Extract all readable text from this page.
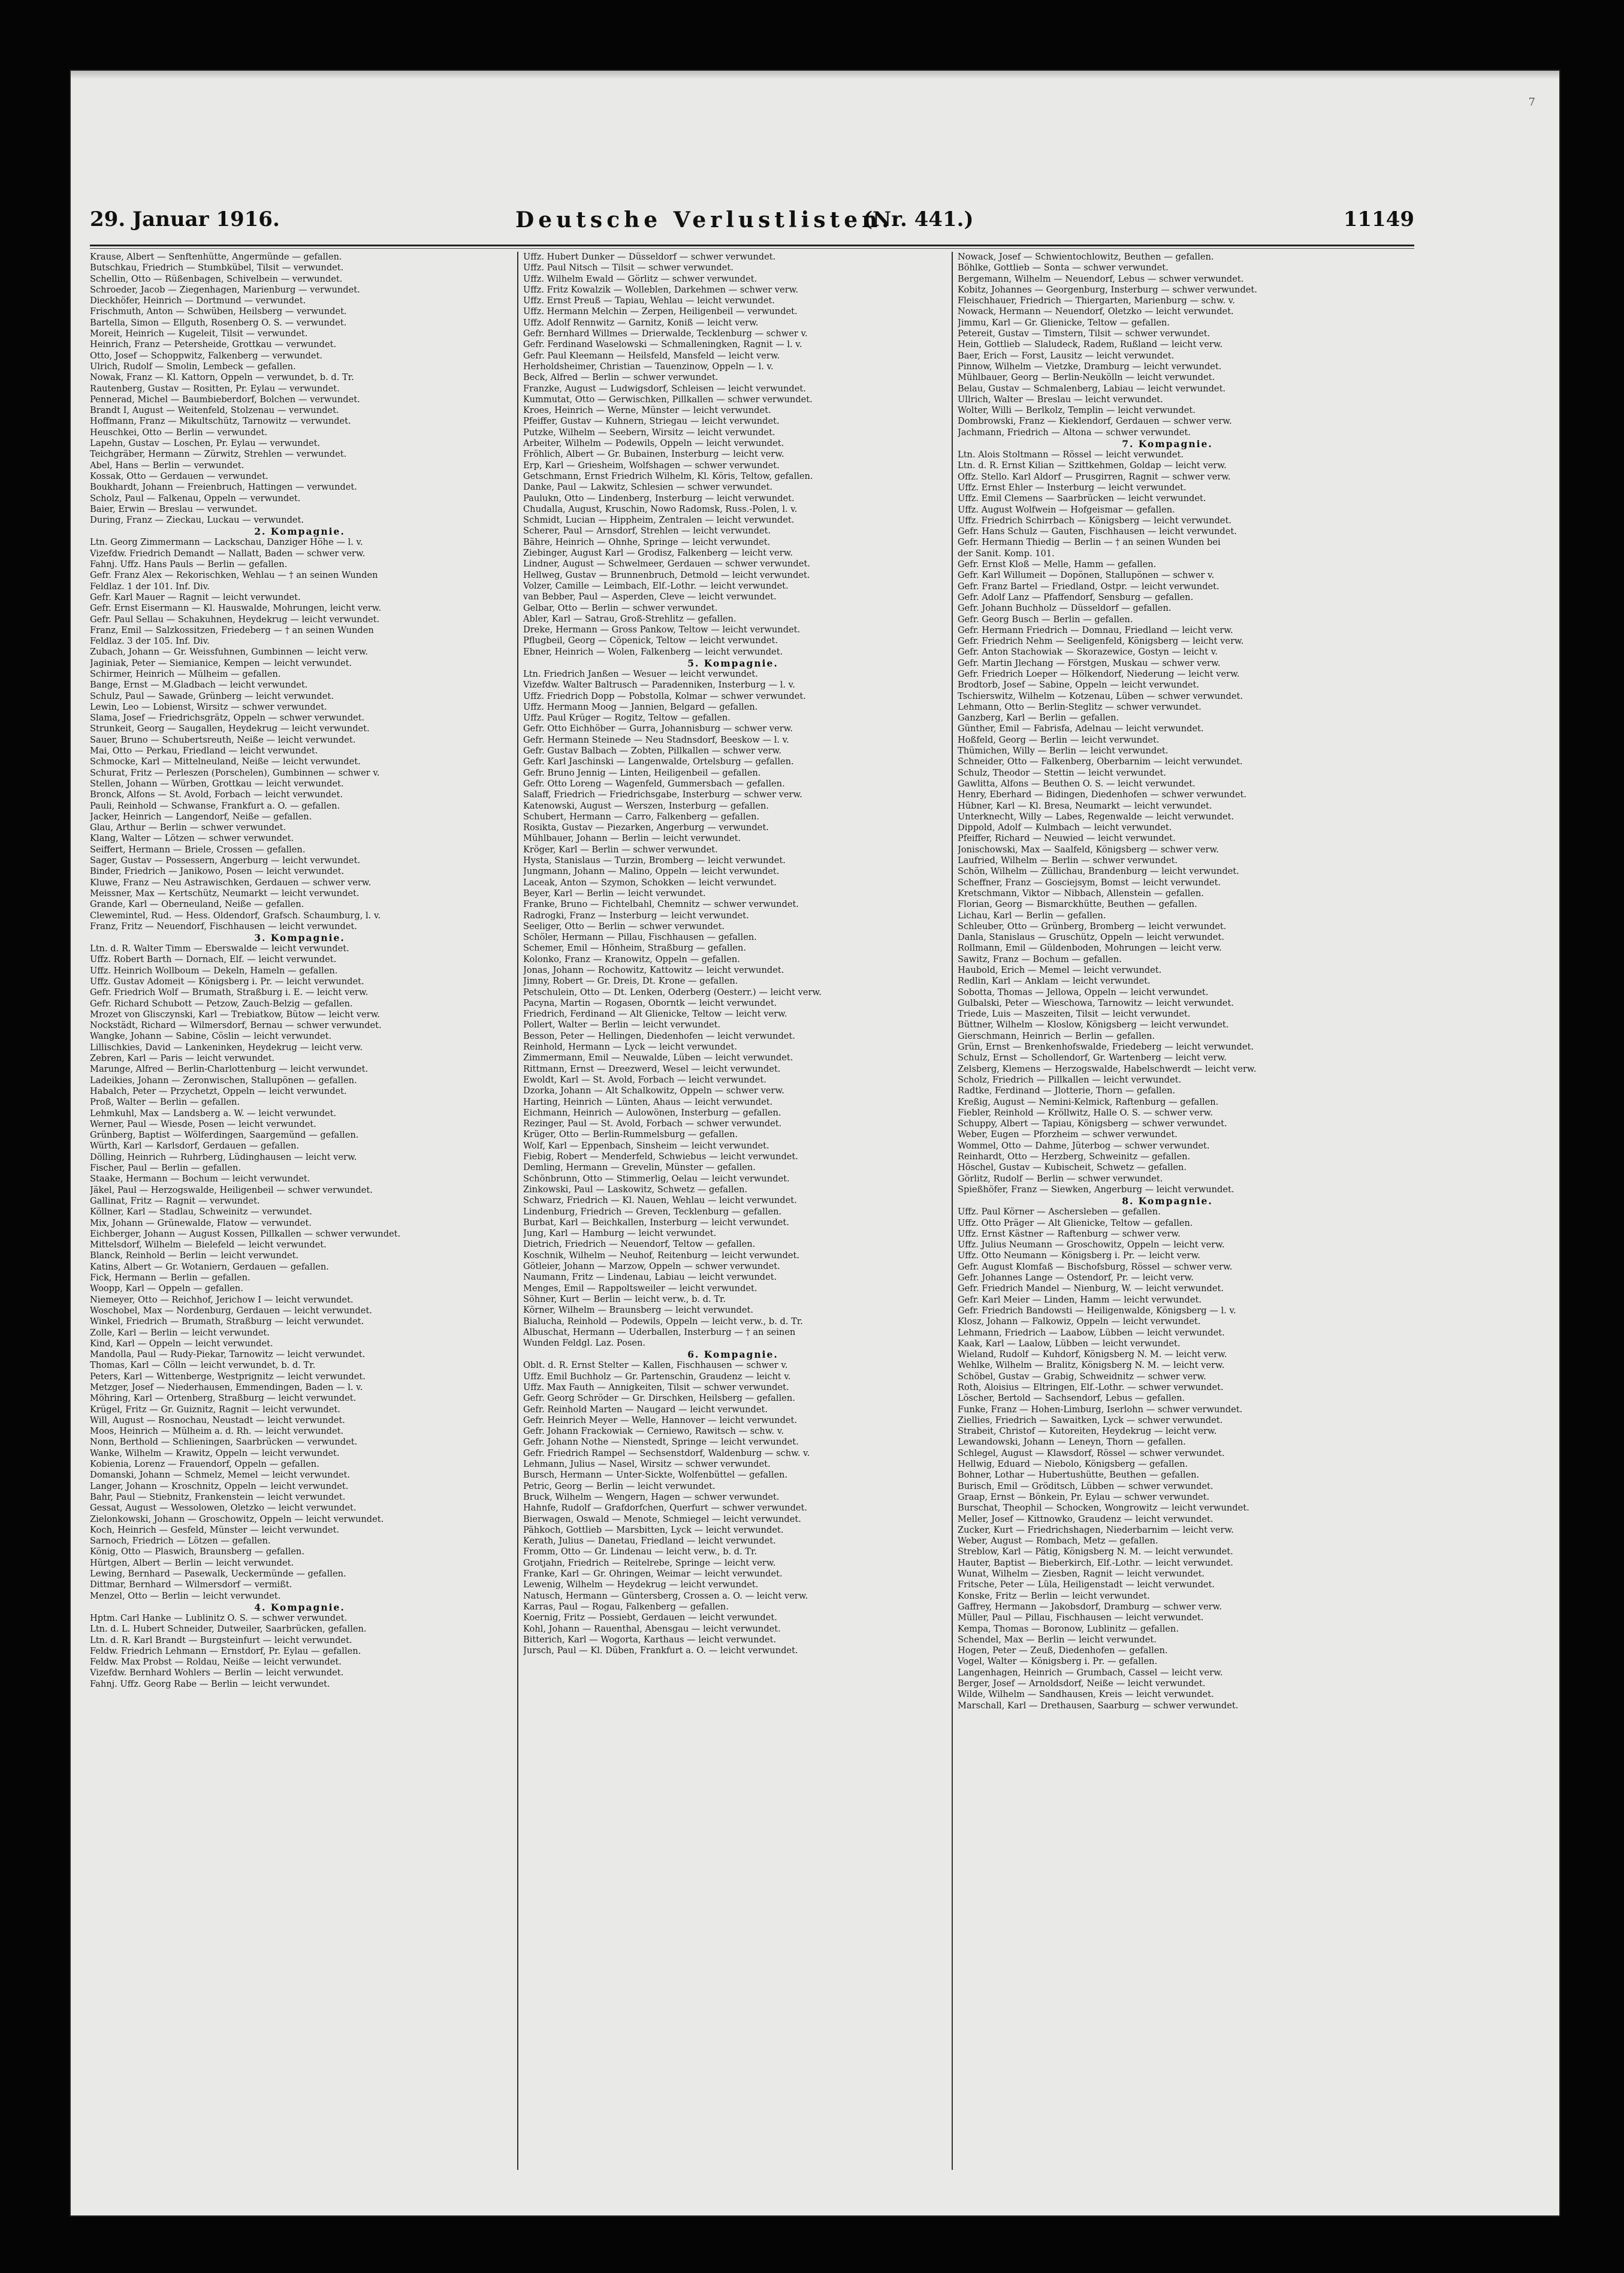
7
29. Januar 1916.	Deutsche Verlustlisten.
(Nr. 441.)	11149
Krause, Albert — Senftenhütte, Angermünde — gefallen.
Butschkau, Friedrich — Stumbkübel, Tilsit — verwundet.
Schellin, Otto — Rüßenbagen, Schivelbein — verwundet.
Schroeder, Jacob — Ziegenhagen, Marienburg — verwundet.
Dieckhöfer, Heinrich — Dortmund — verwundet.
Frischmuth, Anton — Schwüben, Heilsberg — verwundet.
Bartella, Simon — Ellguth, Rosenberg O. S. — verwundet.
Moreit, Heinrich — Kugeleit, Tilsit — verwundet.
Heinrich, Franz — Petersheide, Grottkau — verwundet.
Otto, Josef — Schoppwitz, Falkenberg — verwundet.
Ulrich, Rudolf — Smolin, Lembeck — gefallen.
Nowak, Franz — Kl. Kattorn, Oppeln — verwundet, b. d. Tr.
Rautenberg, Gustav — Rositten, Pr. Eylau — verwundet.
Pennerad, Michel — Baumbieberdorf, Bolchen — verwundet.
Brandt I, August — Weitenfeld, Stolzenau — verwundet.
Hoffmann, Franz — Mikultschütz, Tarnowitz — verwundet.
Heuschkei, Otto — Berlin — verwundet.
Lapehn, Gustav — Loschen, Pr. Eylau — verwundet.
Teichgräber, Hermann — Zürwitz, Strehlen — verwundet.
Abel, Hans — Berlin — verwundet.
Kossak, Otto — Gerdauen — verwundet.
Boukhardt, Johann — Freienbruch, Hattingen — verwundet.
Scholz, Paul — Falkenau, Oppeln — verwundet.
Baier, Erwin — Breslau — verwundet.
During, Franz — Zieckau, Luckau — verwundet.
2. Kompagnie.
Ltn. Georg Zimmermann — Lackschau, Danziger Höhe — l. v.
Vizefdw. Friedrich Demandt — Nallatt, Baden — schwer verw.
Fahnj. Uffz. Hans Pauls — Berlin — gefallen.
Gefr. Franz Alex — Rekorischken, Wehlau — † an seinen Wunden
Feldlaz. 1 der 101. Inf. Div.
Gefr. Karl Mauer — Ragnit — leicht verwundet.
Gefr. Ernst Eisermann — Kl. Hauswalde, Mohrungen, leicht verw.
Gefr. Paul Sellau — Schakuhnen, Heydekrug — leicht verwundet.
Franz, Emil — Salzkossitzen, Friedeberg — † an seinen Wunden
Feldlaz. 3 der 105. Inf. Div.
Zubach, Johann — Gr. Weissfuhnen, Gumbinnen — leicht verw.
Jaginiak, Peter — Siemianice, Kempen — leicht verwundet.
Schirmer, Heinrich — Mülheim — gefallen.
Bange, Ernst — M.Gladbach — leicht verwundet.
Schulz, Paul — Sawade, Grünberg — leicht verwundet.
Lewin, Leo — Lobienst, Wirsitz — schwer verwundet.
Slama, Josef — Friedrichsgrätz, Oppeln — schwer verwundet.
Strunkeit, Georg — Saugallen, Heydekrug — leicht verwundet.
Sauer, Bruno — Schubertsreuth, Neiße — leicht verwundet.
Mai, Otto — Perkau, Friedland — leicht verwundet.
Schmocke, Karl — Mittelneuland, Neiße — leicht verwundet.
Schurat, Fritz — Perleszen (Porschelen), Gumbinnen — schwer v.
Stellen, Johann — Würben, Grottkau — leicht verwundet.
Bronck, Alfons — St. Avold, Forbach — leicht verwundet.
Pauli, Reinhold — Schwanse, Frankfurt a. O. — gefallen.
Jacker, Heinrich — Langendorf, Neiße — gefallen.
Glau, Arthur — Berlin — schwer verwundet.
Klang, Walter — Lötzen — schwer verwundet.
Seiffert, Hermann — Briele, Crossen — gefallen.
Sager, Gustav — Possessern, Angerburg — leicht verwundet.
Binder, Friedrich — Janikowo, Posen — leicht verwundet.
Kluwe, Franz — Neu Astrawischken, Gerdauen — schwer verw.
Meissner, Max — Kertschütz, Neumarkt — leicht verwundet.
Grande, Karl — Oberneuland, Neiße — gefallen.
Clewemintel, Rud. — Hess. Oldendorf, Grafsch. Schaumburg, l. v.
Franz, Fritz — Neuendorf, Fischhausen — leicht verwundet.
3. Kompagnie.
Ltn. d. R. Walter Timm — Eberswalde — leicht verwundet.
Uffz. Robert Barth — Dornach, Elf. — leicht verwundet.
Uffz. Heinrich Wollboum — Dekeln, Hameln — gefallen.
Uffz. Gustav Adomeit — Königsberg i. Pr. — leicht verwundet.
Gefr. Friedrich Wolf — Brumath, Straßburg i. E. — leicht verw.
Gefr. Richard Schubott — Petzow, Zauch-Belzig — gefallen.
Mrozet von Glisczynski, Karl — Trebiatkow, Bütow — leicht verw.
Nockstädt, Richard — Wilmersdorf, Bernau — schwer verwundet.
Wangke, Johann — Sabine, Cöslin — leicht verwundet.
Lillischkies, David — Lankeninken, Heydekrug — leicht verw.
Zebren, Karl — Paris — leicht verwundet.
Marunge, Alfred — Berlin-Charlottenburg — leicht verwundet.
Ladeikies, Johann — Zeronwischen, Stallupönen — gefallen.
Habalch, Peter — Przychetzt, Oppeln — leicht verwundet.
Proß, Walter — Berlin — gefallen.
Lehmkuhl, Max — Landsberg a. W. — leicht verwundet.
Werner, Paul — Wiesde, Posen — leicht verwundet.
Grünberg, Baptist — Wölferdingen, Saargemünd — gefallen.
Würth, Karl — Karlsdorf, Gerdauen — gefallen.
Dölling, Heinrich — Ruhrberg, Lüdinghausen — leicht verw.
Fischer, Paul — Berlin — gefallen.
Staake, Hermann — Bochum — leicht verwundet.
Jäkel, Paul — Herzogswalde, Heiligenbeil — schwer verwundet.
Gallinat, Fritz — Ragnit — verwundet.
Köllner, Karl — Stadlau, Schweinitz — verwundet.
Mix, Johann — Grünewalde, Flatow — verwundet.
Eichberger, Johann — August Kossen, Pillkallen — schwer verwundet.
Mittelsdorf, Wilhelm — Bielefeld — leicht verwundet.
Blanck, Reinhold — Berlin — leicht verwundet.
Katins, Albert — Gr. Wotaniern, Gerdauen — gefallen.
Fick, Hermann — Berlin — gefallen.
Woopp, Karl — Oppeln — gefallen.
Niemeyer, Otto — Reichhof, Jerichow I — leicht verwundet.
Woschobel, Max — Nordenburg, Gerdauen — leicht verwundet.
Winkel, Friedrich — Brumath, Straßburg — leicht verwundet.
Zolle, Karl — Berlin — leicht verwundet.
Kind, Karl — Oppeln — leicht verwundet.
Mandolla, Paul — Rudy-Piekar, Tarnowitz — leicht verwundet.
Thomas, Karl — Cölln — leicht verwundet, b. d. Tr.
Peters, Karl — Wittenberge, Westprignitz — leicht verwundet.
Metzger, Josef — Niederhausen, Emmendingen, Baden — l. v.
Möhring, Karl — Ortenberg, Straßburg — leicht verwundet.
Krügel, Fritz — Gr. Guiznitz, Ragnit — leicht verwundet.
Will, August — Rosnochau, Neustadt — leicht verwundet.
Moos, Heinrich — Mülheim a. d. Rh. — leicht verwundet.
Nonn, Berthold — Schlieningen, Saarbrücken — verwundet.
Wanke, Wilhelm — Krawitz, Oppeln — leicht verwundet.
Kobienia, Lorenz — Frauendorf, Oppeln — gefallen.
Domanski, Johann — Schmelz, Memel — leicht verwundet.
Langer, Johann — Kroschnitz, Oppeln — leicht verwundet.
Bahr, Paul — Stiebnitz, Frankenstein — leicht verwundet.
Gessat, August — Wessolowen, Oletzko — leicht verwundet.
Zielonkowski, Johann — Groschowitz, Oppeln — leicht verwundet.
Koch, Heinrich — Gesfeld, Münster — leicht verwundet.
Sarnoch, Friedrich — Lötzen — gefallen.
König, Otto — Plaswich, Braunsberg — gefallen.
Hürtgen, Albert — Berlin — leicht verwundet.
Lewing, Bernhard — Pasewalk, Ueckermünde — gefallen.
Dittmar, Bernhard — Wilmersdorf — vermißt.
Menzel, Otto — Berlin — leicht verwundet.
4. Kompagnie.
Hptm. Carl Hanke — Lublinitz O. S. — schwer verwundet.
Ltn. d. L. Hubert Schneider, Dutweiler, Saarbrücken, gefallen.
Ltn. d. R. Karl Brandt — Burgsteinfurt — leicht verwundet.
Feldw. Friedrich Lehmann — Ernstdorf, Pr. Eylau — gefallen.
Feldw. Max Probst — Roldau, Neiße — leicht verwundet.
Vizefdw. Bernhard Wohlers — Berlin — leicht verwundet.
Fahnj. Uffz. Georg Rabe — Berlin — leicht verwundet.
Uffz. Hubert Dunker — Düsseldorf — schwer verwundet.
Uffz. Paul Nitsch — Tilsit — schwer verwundet.
Uffz. Wilhelm Ewald — Görlitz — schwer verwundet.
Uffz. Fritz Kowalzik — Wolleblen, Darkehmen — schwer verw.
Uffz. Ernst Preuß — Tapiau, Wehlau — leicht verwundet.
Uffz. Hermann Melchin — Zerpen, Heiligenbeil — verwundet.
Uffz. Adolf Rennwitz — Garnitz, Koniß — leicht verw.
Gefr. Bernhard Willmes — Drierwalde, Tecklenburg — schwer v.
Gefr. Ferdinand Waselowski — Schmalleningken, Ragnit — l. v.
Gefr. Paul Kleemann — Heilsfeld, Mansfeld — leicht verw.
Herholdsheimer, Christian — Tauenzinow, Oppeln — l. v.
Beck, Alfred — Berlin — schwer verwundet.
Franzke, August — Ludwigsdorf, Schleisen — leicht verwundet.
Kummutat, Otto — Gerwischken, Pillkallen — schwer verwundet.
Kroes, Heinrich — Werne, Münster — leicht verwundet.
Pfeiffer, Gustav — Kuhnern, Striegau — leicht verwundet.
Putzke, Wilhelm — Seebern, Wirsitz — leicht verwundet.
Arbeiter, Wilhelm — Podewils, Oppeln — leicht verwundet.
Fröhlich, Albert — Gr. Bubainen, Insterburg — leicht verw.
Erp, Karl — Griesheim, Wolfshagen — schwer verwundet.
Getschmann, Ernst Friedrich Wilhelm, Kl. Köris, Teltow, gefallen.
Danke, Paul — Lakwitz, Schlesien — schwer verwundet.
Paulukn, Otto — Lindenberg, Insterburg — leicht verwundet.
Chudalla, August, Kruschin, Nowo Radomsk, Russ.-Polen, l. v.
Schmidt, Lucian — Hippheim, Zentralen — leicht verwundet.
Scherer, Paul — Arnsdorf, Strehlen — leicht verwundet.
Bähre, Heinrich — Ohnhe, Springe — leicht verwundet.
Ziebinger, August Karl — Grodisz, Falkenberg — leicht verw.
Lindner, August — Schwelmeer, Gerdauen — schwer verwundet.
Hellweg, Gustav — Brunnenbruch, Detmold — leicht verwundet.
Volzer, Camille — Leimbach, Elf.-Lothr. — leicht verwundet.
van Bebber, Paul — Asperden, Cleve — leicht verwundet.
Gelbar, Otto — Berlin — schwer verwundet.
Abler, Karl — Satrau, Groß-Strehlitz — gefallen.
Dreke, Hermann — Gross Pankow, Teltow — leicht verwundet.
Pflugbeil, Georg — Cöpenick, Teltow — leicht verwundet.
Ebner, Heinrich — Wolen, Falkenberg — leicht verwundet.
5. Kompagnie.
Ltn. Friedrich Janßen — Wesuer — leicht verwundet.
Vizefdw. Walter Baltrusch — Paradenniken, Insterburg — l. v.
Uffz. Friedrich Dopp — Pobstolla, Kolmar — schwer verwundet.
Uffz. Hermann Moog — Jannien, Belgard — gefallen.
Uffz. Paul Krüger — Rogitz, Teltow — gefallen.
Gefr. Otto Eichhöber — Gurra, Johannisburg — schwer verw.
Gefr. Hermann Steinede — Neu Stadnsdorf, Beeskow — l. v.
Gefr. Gustav Balbach — Zobten, Pillkallen — schwer verw.
Gefr. Karl Jaschinski — Langenwalde, Ortelsburg — gefallen.
Gefr. Bruno Jennig — Linten, Heiligenbeil — gefallen.
Gefr. Otto Loreng — Wagenfeld, Gummersbach — gefallen.
Salaff, Friedrich — Friedrichsgabe, Insterburg — schwer verw.
Katenowski, August — Werszen, Insterburg — gefallen.
Schubert, Hermann — Carro, Falkenberg — gefallen.
Rosikta, Gustav — Piezarken, Angerburg — verwundet.
Mühlbauer, Johann — Berlin — leicht verwundet.
Kröger, Karl — Berlin — schwer verwundet.
Hysta, Stanislaus — Turzin, Bromberg — leicht verwundet.
Jungmann, Johann — Malino, Oppeln — leicht verwundet.
Laceak, Anton — Szymon, Schokken — leicht verwundet.
Beyer, Karl — Berlin — leicht verwundet.
Franke, Bruno — Fichtelbahl, Chemnitz — schwer verwundet.
Radrogki, Franz — Insterburg — leicht verwundet.
Seeliger, Otto — Berlin — schwer verwundet.
Schöler, Hermann — Pillau, Fischhausen — gefallen.
Schemer, Emil — Hönheim, Straßburg — gefallen.
Kolonko, Franz — Kranowitz, Oppeln — gefallen.
Jonas, Johann — Rochowitz, Kattowitz — leicht verwundet.
Jimny, Robert — Gr. Dreis, Dt. Krone — gefallen.
Petschulein, Otto — Dt. Lenken, Oderberg (Oesterr.) — leicht verw.
Pacyna, Martin — Rogasen, Oborntk — leicht verwundet.
Friedrich, Ferdinand — Alt Glienicke, Teltow — leicht verw.
Pollert, Walter — Berlin — leicht verwundet.
Besson, Peter — Hellingen, Diedenhofen — leicht verwundet.
Reinhold, Hermann — Lyck — leicht verwundet.
Zimmermann, Emil — Neuwalde, Lüben — leicht verwundet.
Rittmann, Ernst — Dreezwerd, Wesel — leicht verwundet.
Ewoldt, Karl — St. Avold, Forbach — leicht verwundet.
Dzorka, Johann — Alt Schalkowitz, Oppeln — schwer verw.
Harting, Heinrich — Lünten, Ahaus — leicht verwundet.
Eichmann, Heinrich — Aulowönen, Insterburg — gefallen.
Rezinger, Paul — St. Avold, Forbach — schwer verwundet.
Krüger, Otto — Berlin-Rummelsburg — gefallen.
Wolf, Karl — Eppenbach, Sinsheim — leicht verwundet.
Fiebig, Robert — Menderfeld, Schwiebus — leicht verwundet.
Demling, Hermann — Grevelin, Münster — gefallen.
Schönbrunn, Otto — Stimmerlig, Oelau — leicht verwundet.
Zinkowski, Paul — Laskowitz, Schwetz — gefallen.
Schwarz, Friedrich — Kl. Nauen, Wehlau — leicht verwundet.
Lindenburg, Friedrich — Greven, Tecklenburg — gefallen.
Burbat, Karl — Beichkallen, Insterburg — leicht verwundet.
Jung, Karl — Hamburg — leicht verwundet.
Dietrich, Friedrich — Neuendorf, Teltow — gefallen.
Koschnik, Wilhelm — Neuhof, Reitenburg — leicht verwundet.
Götleier, Johann — Marzow, Oppeln — schwer verwundet.
Naumann, Fritz — Lindenau, Labiau — leicht verwundet.
Menges, Emil — Rappoltsweiler — leicht verwundet.
Söhner, Kurt — Berlin — leicht verw., b. d. Tr.
Körner, Wilhelm — Braunsberg — leicht verwundet.
Bialucha, Reinhold — Podewils, Oppeln — leicht verw., b. d. Tr.
Albuschat, Hermann — Uderballen, Insterburg — † an seinen
Wunden Feldgl. Laz. Posen.
6. Kompagnie.
Oblt. d. R. Ernst Stelter — Kallen, Fischhausen — schwer v.
Uffz. Emil Buchholz — Gr. Partenschin, Graudenz — leicht v.
Uffz. Max Fauth — Annigkeiten, Tilsit — schwer verwundet.
Gefr. Georg Schröder — Gr. Dirschken, Heilsberg — gefallen.
Gefr. Reinhold Marten — Naugard — leicht verwundet.
Gefr. Heinrich Meyer — Welle, Hannover — leicht verwundet.
Gefr. Johann Frackowiak — Cerniewo, Rawitsch — schw. v.
Gefr. Johann Nothe — Nienstedt, Springe — leicht verwundet.
Gefr. Friedrich Rampel — Sechsenstdorf, Waldenburg — schw. v.
Lehmann, Julius — Nasel, Wirsitz — schwer verwundet.
Bursch, Hermann — Unter-Sickte, Wolfenbüttel — gefallen.
Petric, Georg — Berlin — leicht verwundet.
Bruck, Wilhelm — Wengern, Hagen — schwer verwundet.
Hahnfe, Rudolf — Grafdorfchen, Querfurt — schwer verwundet.
Bierwagen, Oswald — Menote, Schmiegel — leicht verwundet.
Pähkoch, Gottlieb — Marsbitten, Lyck — leicht verwundet.
Kerath, Julius — Danetau, Friedland — leicht verwundet.
Fromm, Otto — Gr. Lindenau — leicht verw., b. d. Tr.
Grotjahn, Friedrich — Reitelrebe, Springe — leicht verw.
Franke, Karl — Gr. Ohringen, Weimar — leicht verwundet.
Lewenig, Wilhelm — Heydekrug — leicht verwundet.
Natusch, Hermann — Güntersberg, Crossen a. O. — leicht verw.
Karras, Paul — Rogau, Falkenberg — gefallen.
Koernig, Fritz — Possiebt, Gerdauen — leicht verwundet.
Kohl, Johann — Rauenthal, Abensgau — leicht verwundet.
Bitterich, Karl — Wogorta, Karthaus — leicht verwundet.
Jursch, Paul — Kl. Düben, Frankfurt a. O. — leicht verwundet.
Nowack, Josef — Schwientochlowitz, Beuthen — gefallen.
Böhlke, Gottlieb — Sonta — schwer verwundet.
Bergemann, Wilhelm — Neuendorf, Lebus — schwer verwundet.
Kobitz, Johannes — Georgenburg, Insterburg — schwer verwundet.
Fleischhauer, Friedrich — Thiergarten, Marienburg — schw. v.
Nowack, Hermann — Neuendorf, Oletzko — leicht verwundet.
Jimmu, Karl — Gr. Glienicke, Teltow — gefallen.
Petereit, Gustav — Timstern, Tilsit — schwer verwundet.
Hein, Gottlieb — Slaludeck, Radem, Rußland — leicht verw.
Baer, Erich — Forst, Lausitz — leicht verwundet.
Pinnow, Wilhelm — Vietzke, Dramburg — leicht verwundet.
Mühlbauer, Georg — Berlin-Neukölln — leicht verwundet.
Belau, Gustav — Schmalenberg, Labiau — leicht verwundet.
Ullrich, Walter — Breslau — leicht verwundet.
Wolter, Willi — Berlkolz, Templin — leicht verwundet.
Dombrowski, Franz — Kieklendorf, Gerdauen — schwer verw.
Jachmann, Friedrich — Altona — schwer verwundet.
7. Kompagnie.
Ltn. Alois Stoltmann — Rössel — leicht verwundet.
Ltn. d. R. Ernst Kilian — Szittkehmen, Goldap — leicht verw.
Offz. Stello. Karl Aldorf — Prusgirren, Ragnit — schwer verw.
Uffz. Ernst Ehler — Insterburg — leicht verwundet.
Uffz. Emil Clemens — Saarbrücken — leicht verwundet.
Uffz. August Wolfwein — Hofgeismar — gefallen.
Uffz. Friedrich Schirrbach — Königsberg — leicht verwundet.
Gefr. Hans Schulz — Gauten, Fischhausen — leicht verwundet.
Gefr. Hermann Thiedig — Berlin — † an seinen Wunden bei
der Sanit. Komp. 101.
Gefr. Ernst Kloß — Melle, Hamm — gefallen.
Gefr. Karl Willumeit — Dopönen, Stallupönen — schwer v.
Gefr. Franz Bartel — Friedland, Ostpr. — leicht verwundet.
Gefr. Adolf Lanz — Pfaffendorf, Sensburg — gefallen.
Gefr. Johann Buchholz — Düsseldorf — gefallen.
Gefr. Georg Busch — Berlin — gefallen.
Gefr. Hermann Friedrich — Domnau, Friedland — leicht verw.
Gefr. Friedrich Nehm — Seeligenfeld, Königsberg — leicht verw.
Gefr. Anton Stachowiak — Skorazewice, Gostyn — leicht v.
Gefr. Martin Jlechang — Förstgen, Muskau — schwer verw.
Gefr. Friedrich Loeper — Hölkendorf, Niederung — leicht verw.
Brodtorb, Josef — Sabine, Oppeln — leicht verwundet.
Tschierswitz, Wilhelm — Kotzenau, Lüben — schwer verwundet.
Lehmann, Otto — Berlin-Steglitz — schwer verwundet.
Ganzberg, Karl — Berlin — gefallen.
Günther, Emil — Fabrisfa, Adelnau — leicht verwundet.
Hoßfeld, Georg — Berlin — leicht verwundet.
Thümichen, Willy — Berlin — leicht verwundet.
Schneider, Otto — Falkenberg, Oberbarnim — leicht verwundet.
Schulz, Theodor — Stettin — leicht verwundet.
Gawlitta, Alfons — Beuthen O. S. — leicht verwundet.
Henry, Eberhard — Bidingen, Diedenhofen — schwer verwundet.
Hübner, Karl — Kl. Bresa, Neumarkt — leicht verwundet.
Unterknecht, Willy — Labes, Regenwalde — leicht verwundet.
Dippold, Adolf — Kulmbach — leicht verwundet.
Pfeiffer, Richard — Neuwied — leicht verwundet.
Jonischowski, Max — Saalfeld, Königsberg — schwer verw.
Laufried, Wilhelm — Berlin — schwer verwundet.
Schön, Wilhelm — Züllichau, Brandenburg — leicht verwundet.
Scheffner, Franz — Gosciejsym, Bomst — leicht verwundet.
Kretschmann, Viktor — Nibbach, Allenstein — gefallen.
Florian, Georg — Bismarckhütte, Beuthen — gefallen.
Lichau, Karl — Berlin — gefallen.
Schleuber, Otto — Grünberg, Bromberg — leicht verwundet.
Danla, Stanislaus — Gruschütz, Oppeln — leicht verwundet.
Rollmann, Emil — Güldenboden, Mohrungen — leicht verw.
Sawitz, Franz — Bochum — gefallen.
Haubold, Erich — Memel — leicht verwundet.
Redlin, Karl — Anklam — leicht verwundet.
Sobotta, Thomas — Jellowa, Oppeln — leicht verwundet.
Gulbalski, Peter — Wieschowa, Tarnowitz — leicht verwundet.
Triede, Luis — Maszeiten, Tilsit — leicht verwundet.
Büttner, Wilhelm — Kloslow, Königsberg — leicht verwundet.
Gierschmann, Heinrich — Berlin — gefallen.
Grün, Ernst — Brenkenhofswalde, Friedeberg — leicht verwundet.
Schulz, Ernst — Schollendorf, Gr. Wartenberg — leicht verw.
Zelsberg, Klemens — Herzogswalde, Habelschwerdt — leicht verw.
Scholz, Friedrich — Pillkallen — leicht verwundet.
Radtke, Ferdinand — Jlotterie, Thorn — gefallen.
Kreßig, August — Nemini-Kelmick, Raftenburg — gefallen.
Fiebler, Reinhold — Kröllwitz, Halle O. S. — schwer verw.
Schuppy, Albert — Tapiau, Königsberg — schwer verwundet.
Weber, Eugen — Pforzheim — schwer verwundet.
Wommel, Otto — Dahme, Jüterbog — schwer verwundet.
Reinhardt, Otto — Herzberg, Schweinitz — gefallen.
Höschel, Gustav — Kubischeit, Schwetz — gefallen.
Görlitz, Rudolf — Berlin — schwer verwundet.
Spießhöfer, Franz — Siewken, Angerburg — leicht verwundet.
8. Kompagnie.
Uffz. Paul Körner — Aschersleben — gefallen.
Uffz. Otto Präger — Alt Glienicke, Teltow — gefallen.
Uffz. Ernst Kästner — Raftenburg — schwer verw.
Uffz. Julius Neumann — Groschowitz, Oppeln — leicht verw.
Uffz. Otto Neumann — Königsberg i. Pr. — leicht verw.
Gefr. August Klomfaß — Bischofsburg, Rössel — schwer verw.
Gefr. Johannes Lange — Ostendorf, Pr. — leicht verw.
Gefr. Friedrich Mandel — Nienburg, W. — leicht verwundet.
Gefr. Karl Meier — Linden, Hamm — leicht verwundet.
Gefr. Friedrich Bandowsti — Heiligenwalde, Königsberg — l. v.
Klosz, Johann — Falkowiz, Oppeln — leicht verwundet.
Lehmann, Friedrich — Laabow, Lübben — leicht verwundet.
Kaak, Karl — Laalow, Lübben — leicht verwundet.
Wieland, Rudolf — Kuhdorf, Königsberg N. M. — leicht verw.
Wehlke, Wilhelm — Bralitz, Königsberg N. M. — leicht verw.
Schöbel, Gustav — Grabig, Schweidnitz — schwer verw.
Roth, Aloisius — Eltringen, Elf.-Lothr. — schwer verwundet.
Löscher, Bertold — Sachsendorf, Lebus — gefallen.
Funke, Franz — Hohen-Limburg, Iserlohn — schwer verwundet.
Ziellies, Friedrich — Sawaitken, Lyck — schwer verwundet.
Strabeit, Christof — Kutoreiten, Heydekrug — leicht verw.
Lewandowski, Johann — Leneyn, Thorn — gefallen.
Schlegel, August — Klawsdorf, Rössel — schwer verwundet.
Hellwig, Eduard — Niebolo, Königsberg — gefallen.
Bohner, Lothar — Hubertushütte, Beuthen — gefallen.
Burisch, Emil — Gröditsch, Lübben — schwer verwundet.
Graap, Ernst — Bönkein, Pr. Eylau — schwer verwundet.
Burschat, Theophil — Schocken, Wongrowitz — leicht verwundet.
Meller, Josef — Kittnowko, Graudenz — leicht verwundet.
Zucker, Kurt — Friedrichshagen, Niederbarnim — leicht verw.
Weber, August — Rombach, Metz — gefallen.
Streblow, Karl — Pätig, Königsberg N. M. — leicht verwundet.
Hauter, Baptist — Bieberkirch, Elf.-Lothr. — leicht verwundet.
Wunat, Wilhelm — Ziesben, Ragnit — leicht verwundet.
Fritsche, Peter — Lüla, Heiligenstadt — leicht verwundet.
Konske, Fritz — Berlin — leicht verwundet.
Gaffrey, Hermann — Jakobsdorf, Dramburg — schwer verw.
Müller, Paul — Pillau, Fischhausen — leicht verwundet.
Kempa, Thomas — Boronow, Lublinitz — gefallen.
Schendel, Max — Berlin — leicht verwundet.
Hogen, Peter — Zeuß, Diedenhofen — gefallen.
Vogel, Walter — Königsberg i. Pr. — gefallen.
Langenhagen, Heinrich — Grumbach, Cassel — leicht verw.
Berger, Josef — Arnoldsdorf, Neiße — leicht verwundet.
Wilde, Wilhelm — Sandhausen, Kreis — leicht verwundet.
Marschall, Karl — Drethausen, Saarburg — schwer verwundet.
